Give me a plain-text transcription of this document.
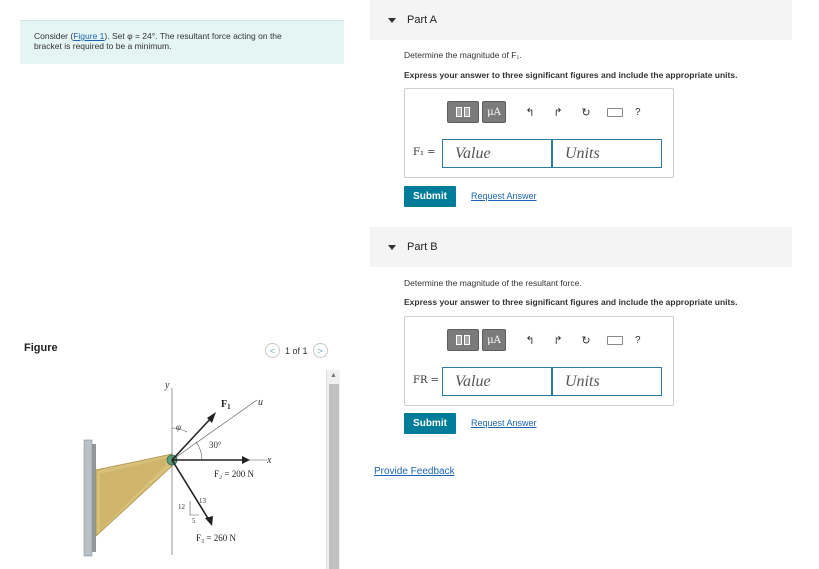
Consider (Figure 1). Set φ = 24°. The resultant force acting on the
bracket is required to be a minimum.
Figure	< 1 of 1 >
y
x
u
$F_1$
φ
30°
F₂ = 200 N
F₃ = 260 N
12
13
5
▲
Part A
Determine the magnitude of F₁.
Express your answer to three significant figures and include the appropriate units.
μA ↰ ↱ ↻	?
F₁ =	Value	Units
Submit	Request Answer
Part B
Determine the magnitude of the resultant force.
Express your answer to three significant figures and include the appropriate units.
μA ↰ ↱ ↻	?
FR = Value	Units
Submit	Request Answer
Provide Feedback
